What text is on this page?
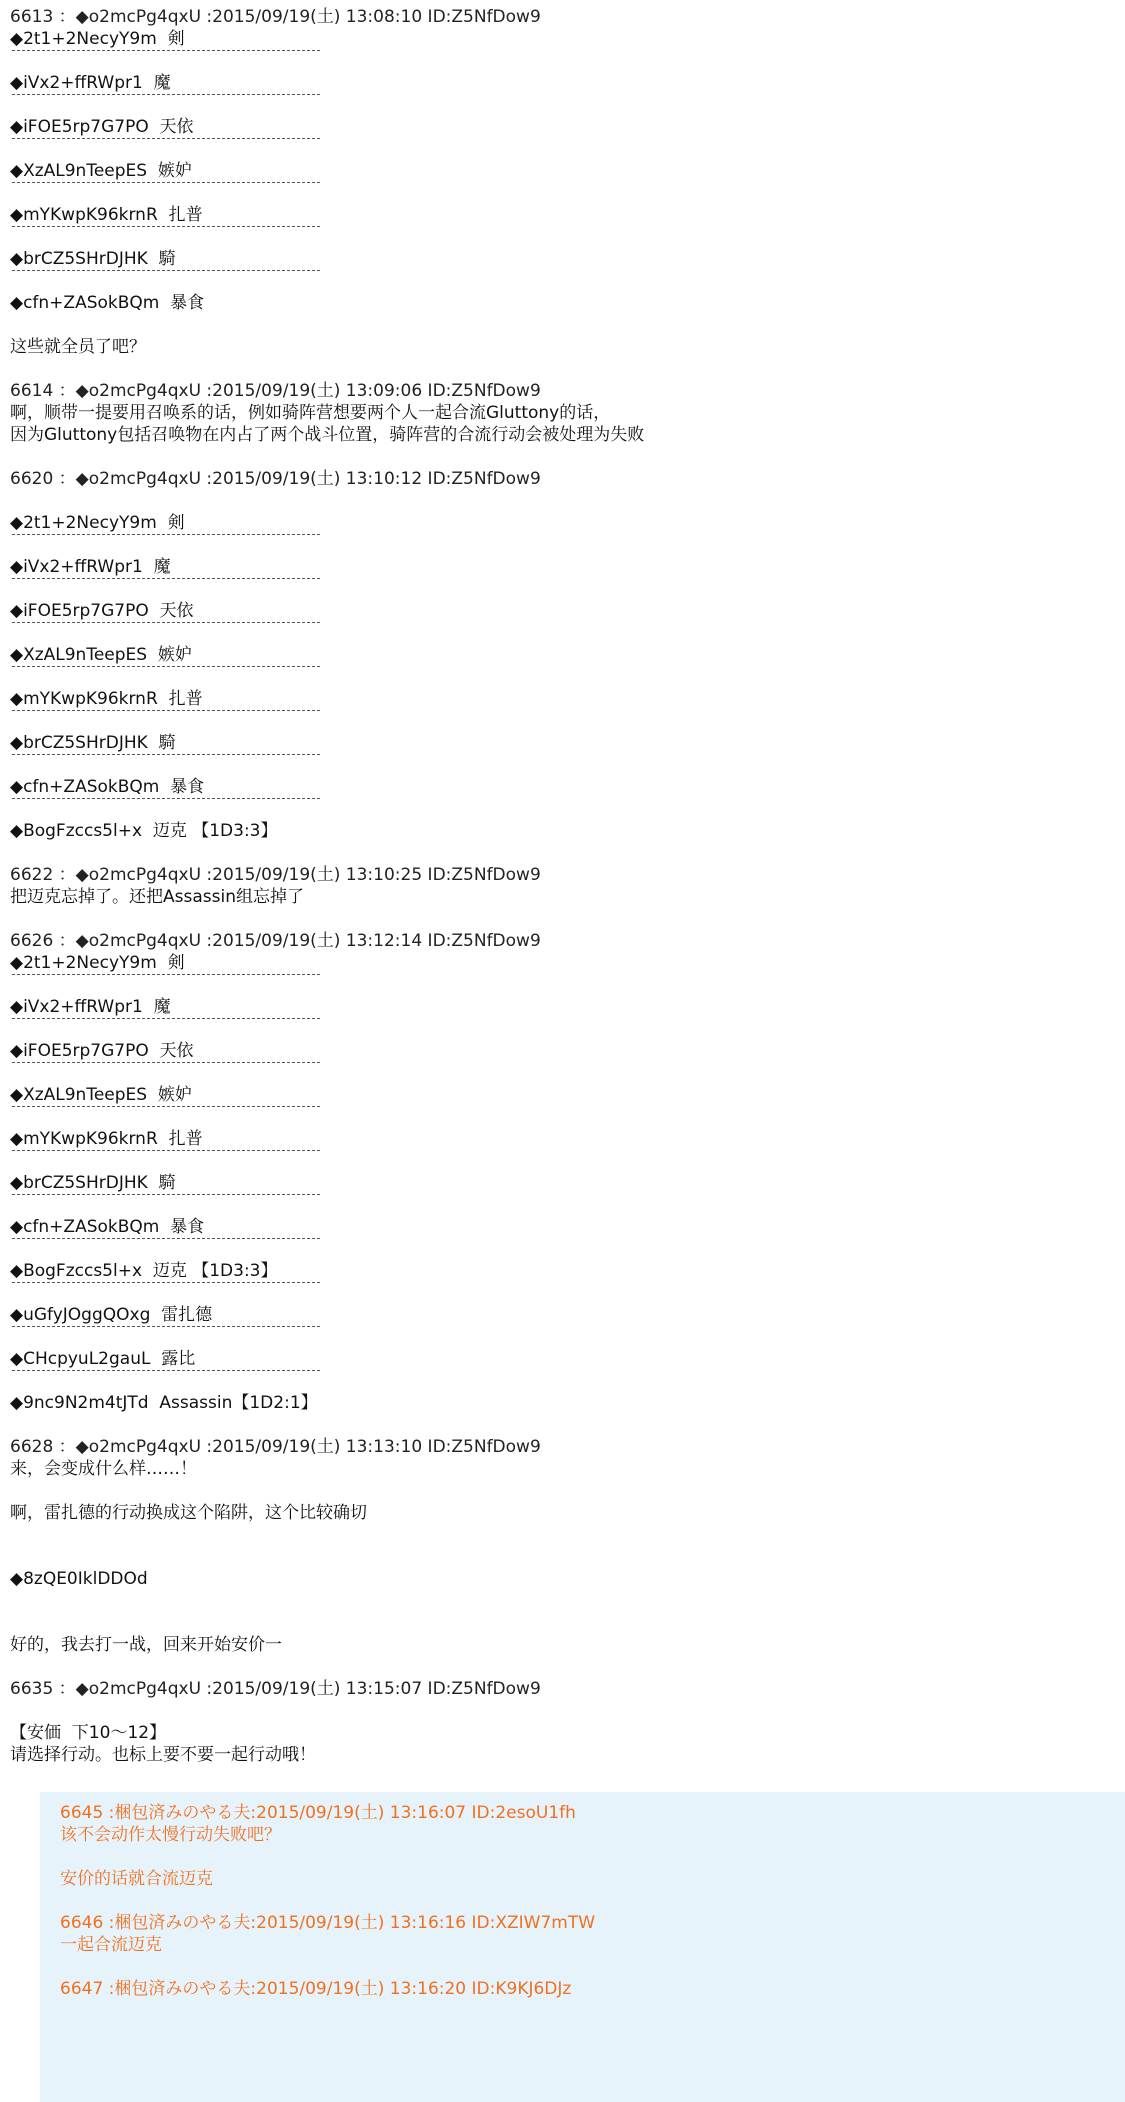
6613 ：◆o2mcPg4qxU :2015/09/19(土) 13:08:10 ID:Z5NfDow9
◆2t1+2NecyY9m  剣
◆iVx2+ffRWpr1  魔
◆iFOE5rp7G7PO  天依
◆XzAL9nTeepES  嫉妒
◆mYKwpK96krnR  扎普
◆brCZ5SHrDJHK  騎
◆cfn+ZASokBQm  暴食
这些就全员了吧？
6614 ：◆o2mcPg4qxU :2015/09/19(土) 13:09:06 ID:Z5NfDow9
啊，顺带一提要用召唤系的话，例如骑阵营想要两个人一起合流Gluttony的话，
因为Gluttony包括召唤物在内占了两个战斗位置，骑阵营的合流行动会被处理为失败
6620 ：◆o2mcPg4qxU :2015/09/19(土) 13:10:12 ID:Z5NfDow9
◆2t1+2NecyY9m  剣
◆iVx2+ffRWpr1  魔
◆iFOE5rp7G7PO  天依
◆XzAL9nTeepES  嫉妒
◆mYKwpK96krnR  扎普
◆brCZ5SHrDJHK  騎
◆cfn+ZASokBQm  暴食
◆BogFzccs5l+x  迈克 【1D3:3】
6622 ：◆o2mcPg4qxU :2015/09/19(土) 13:10:25 ID:Z5NfDow9
把迈克忘掉了。还把Assassin组忘掉了
6626 ：◆o2mcPg4qxU :2015/09/19(土) 13:12:14 ID:Z5NfDow9
◆2t1+2NecyY9m  剣
◆iVx2+ffRWpr1  魔
◆iFOE5rp7G7PO  天依
◆XzAL9nTeepES  嫉妒
◆mYKwpK96krnR  扎普
◆brCZ5SHrDJHK  騎
◆cfn+ZASokBQm  暴食
◆BogFzccs5l+x  迈克 【1D3:3】
◆uGfyJOggQOxg  雷扎德
◆CHcpyuL2gauL  露比
◆9nc9N2m4tJTd  Assassin【1D2:1】
6628 ：◆o2mcPg4qxU :2015/09/19(土) 13:13:10 ID:Z5NfDow9
来，会变成什么样……！
啊，雷扎德的行动换成这个陷阱，这个比较确切
◆8zQE0IklDDOd
好的，我去打一战，回来开始安价一
6635 ：◆o2mcPg4qxU :2015/09/19(土) 13:15:07 ID:Z5NfDow9
【安価  下10～12】
请选择行动。也标上要不要一起行动哦！
6645 :梱包済みのやる夫:2015/09/19(土) 13:16:07 ID:2esoU1fh
该不会动作太慢行动失败吧？
安价的话就合流迈克
6646 :梱包済みのやる夫:2015/09/19(土) 13:16:16 ID:XZIW7mTW
一起合流迈克
6647 :梱包済みのやる夫:2015/09/19(土) 13:16:20 ID:K9KJ6DJz
